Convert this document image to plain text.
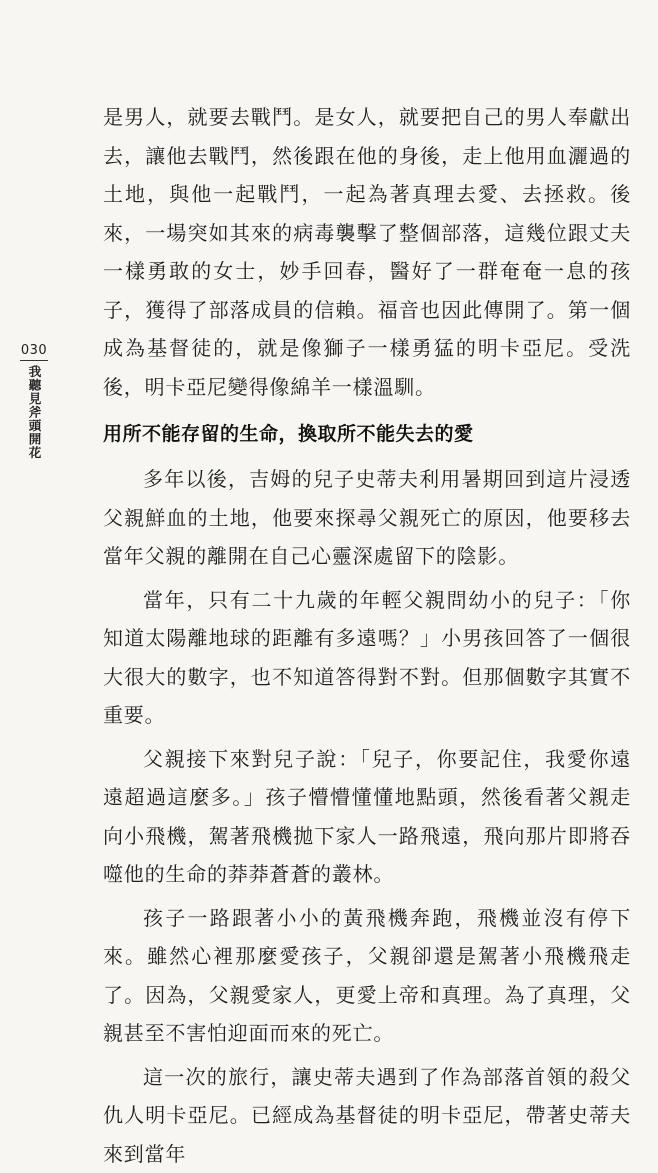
030
我聽見斧頭開花

是男人，就要去戰鬥。是女人，就要把自己的男人奉獻出去，讓他去戰鬥，然後跟在他的身後，走上他用血灑過的土地，與他一起戰鬥，一起為著真理去愛、去拯救。後來，一場突如其來的病毒襲擊了整個部落，這幾位跟丈夫一樣勇敢的女士，妙手回春，醫好了一群奄奄一息的孩子，獲得了部落成員的信賴。福音也因此傳開了。第一個成為基督徒的，就是像獅子一樣勇猛的明卡亞尼。受洗後，明卡亞尼變得像綿羊一樣溫馴。

用所不能存留的生命，換取所不能失去的愛

多年以後，吉姆的兒子史蒂夫利用暑期回到這片浸透父親鮮血的土地，他要來探尋父親死亡的原因，他要移去當年父親的離開在自己心靈深處留下的陰影。

當年，只有二十九歲的年輕父親問幼小的兒子：「你知道太陽離地球的距離有多遠嗎？」小男孩回答了一個很大很大的數字，也不知道答得對不對。但那個數字其實不重要。

父親接下來對兒子說：「兒子，你要記住，我愛你遠遠超過這麼多。」孩子懵懵懂懂地點頭，然後看著父親走向小飛機，駕著飛機拋下家人一路飛遠，飛向那片即將吞噬他的生命的莽莽蒼蒼的叢林。

孩子一路跟著小小的黃飛機奔跑，飛機並沒有停下來。雖然心裡那麼愛孩子，父親卻還是駕著小飛機飛走了。因為，父親愛家人，更愛上帝和真理。為了真理，父親甚至不害怕迎面而來的死亡。

這一次的旅行，讓史蒂夫遇到了作為部落首領的殺父仇人明卡亞尼。已經成為基督徒的明卡亞尼，帶著史蒂夫來到當年
